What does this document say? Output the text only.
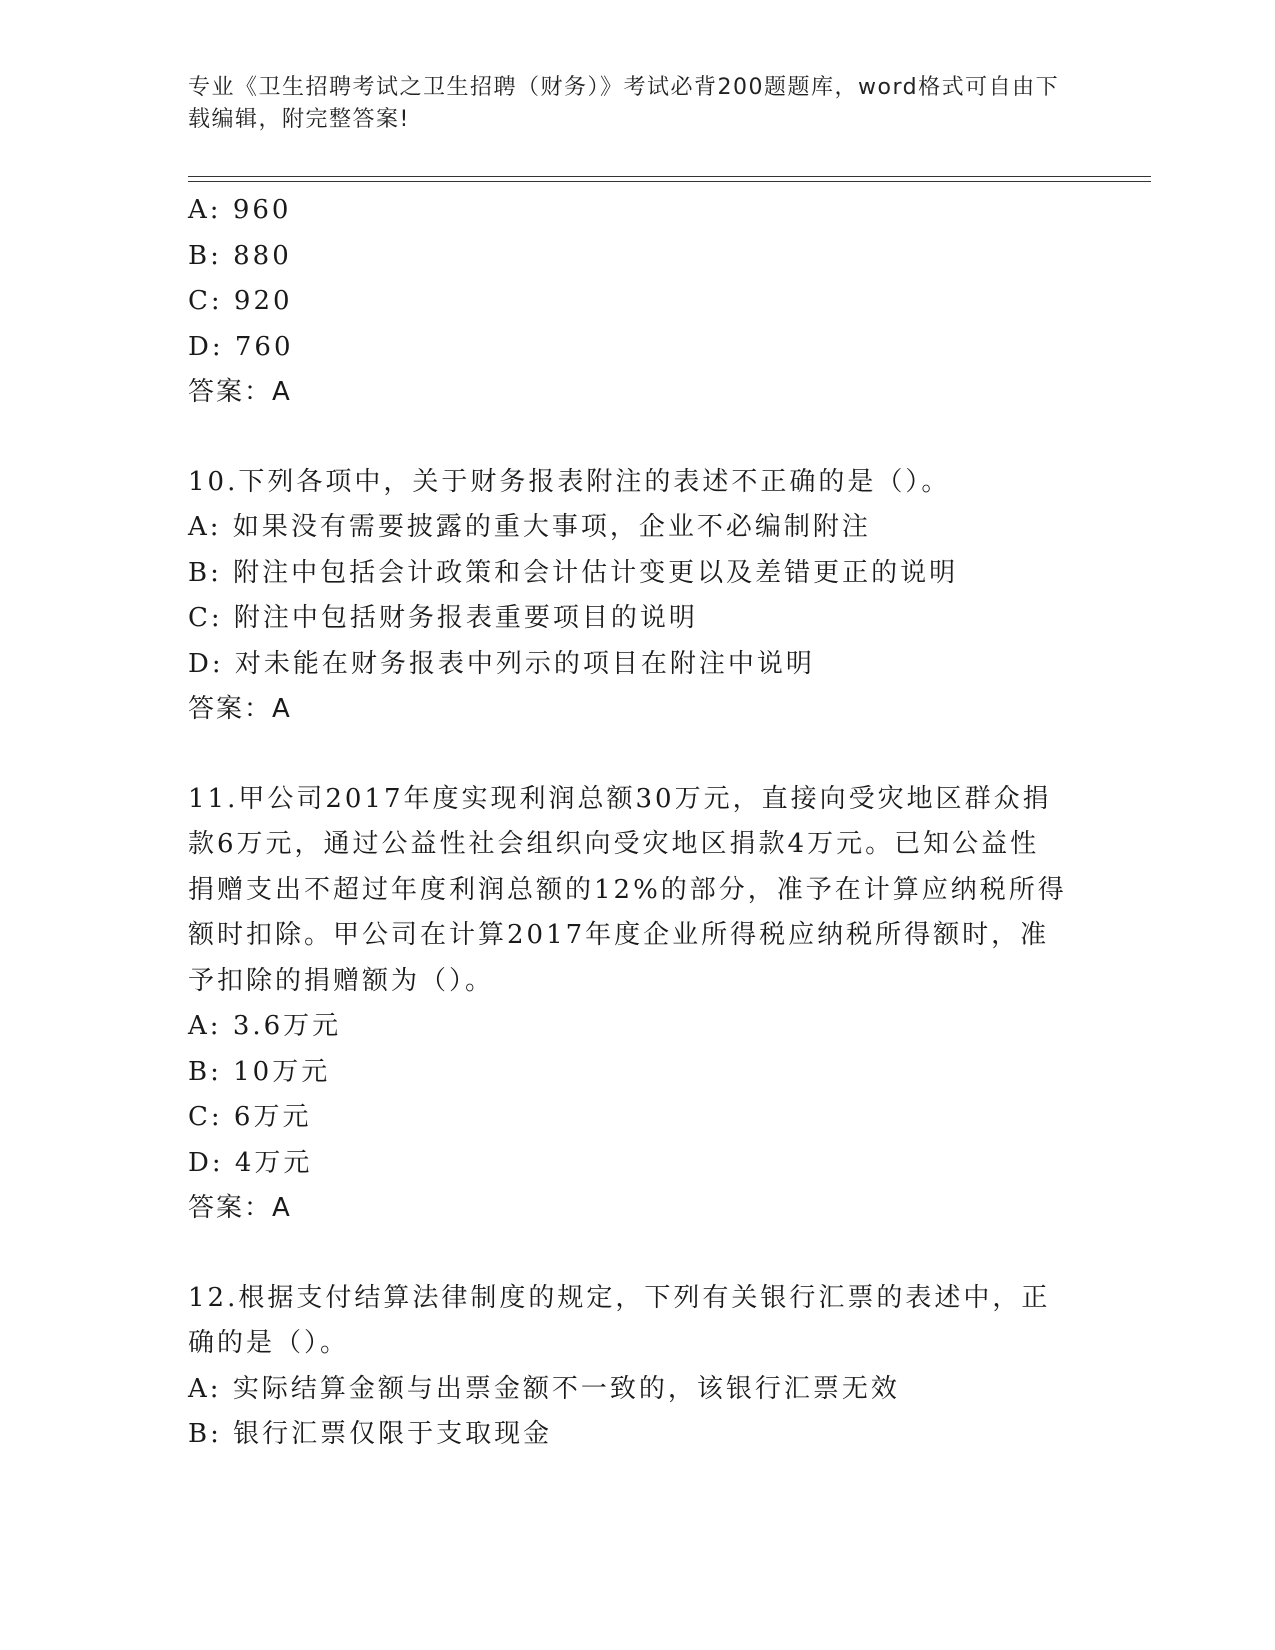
专业《卫生招聘考试之卫生招聘（财务）》考试必背200题题库，word格式可自由下载编辑，附完整答案!
A: 960
B: 880
C: 920
D: 760
答案：A
10.下列各项中，关于财务报表附注的表述不正确的是（）。
A: 如果没有需要披露的重大事项，企业不必编制附注
B: 附注中包括会计政策和会计估计变更以及差错更正的说明
C: 附注中包括财务报表重要项目的说明
D: 对未能在财务报表中列示的项目在附注中说明
答案：A
11.甲公司2017年度实现利润总额30万元，直接向受灾地区群众捐款6万元，通过公益性社会组织向受灾地区捐款4万元。已知公益性捐赠支出不超过年度利润总额的12%的部分，准予在计算应纳税所得额时扣除。甲公司在计算2017年度企业所得税应纳税所得额时，准予扣除的捐赠额为（）。
A: 3.6万元
B: 10万元
C: 6万元
D: 4万元
答案：A
12.根据支付结算法律制度的规定，下列有关银行汇票的表述中，正确的是（）。
A: 实际结算金额与出票金额不一致的，该银行汇票无效
B: 银行汇票仅限于支取现金
